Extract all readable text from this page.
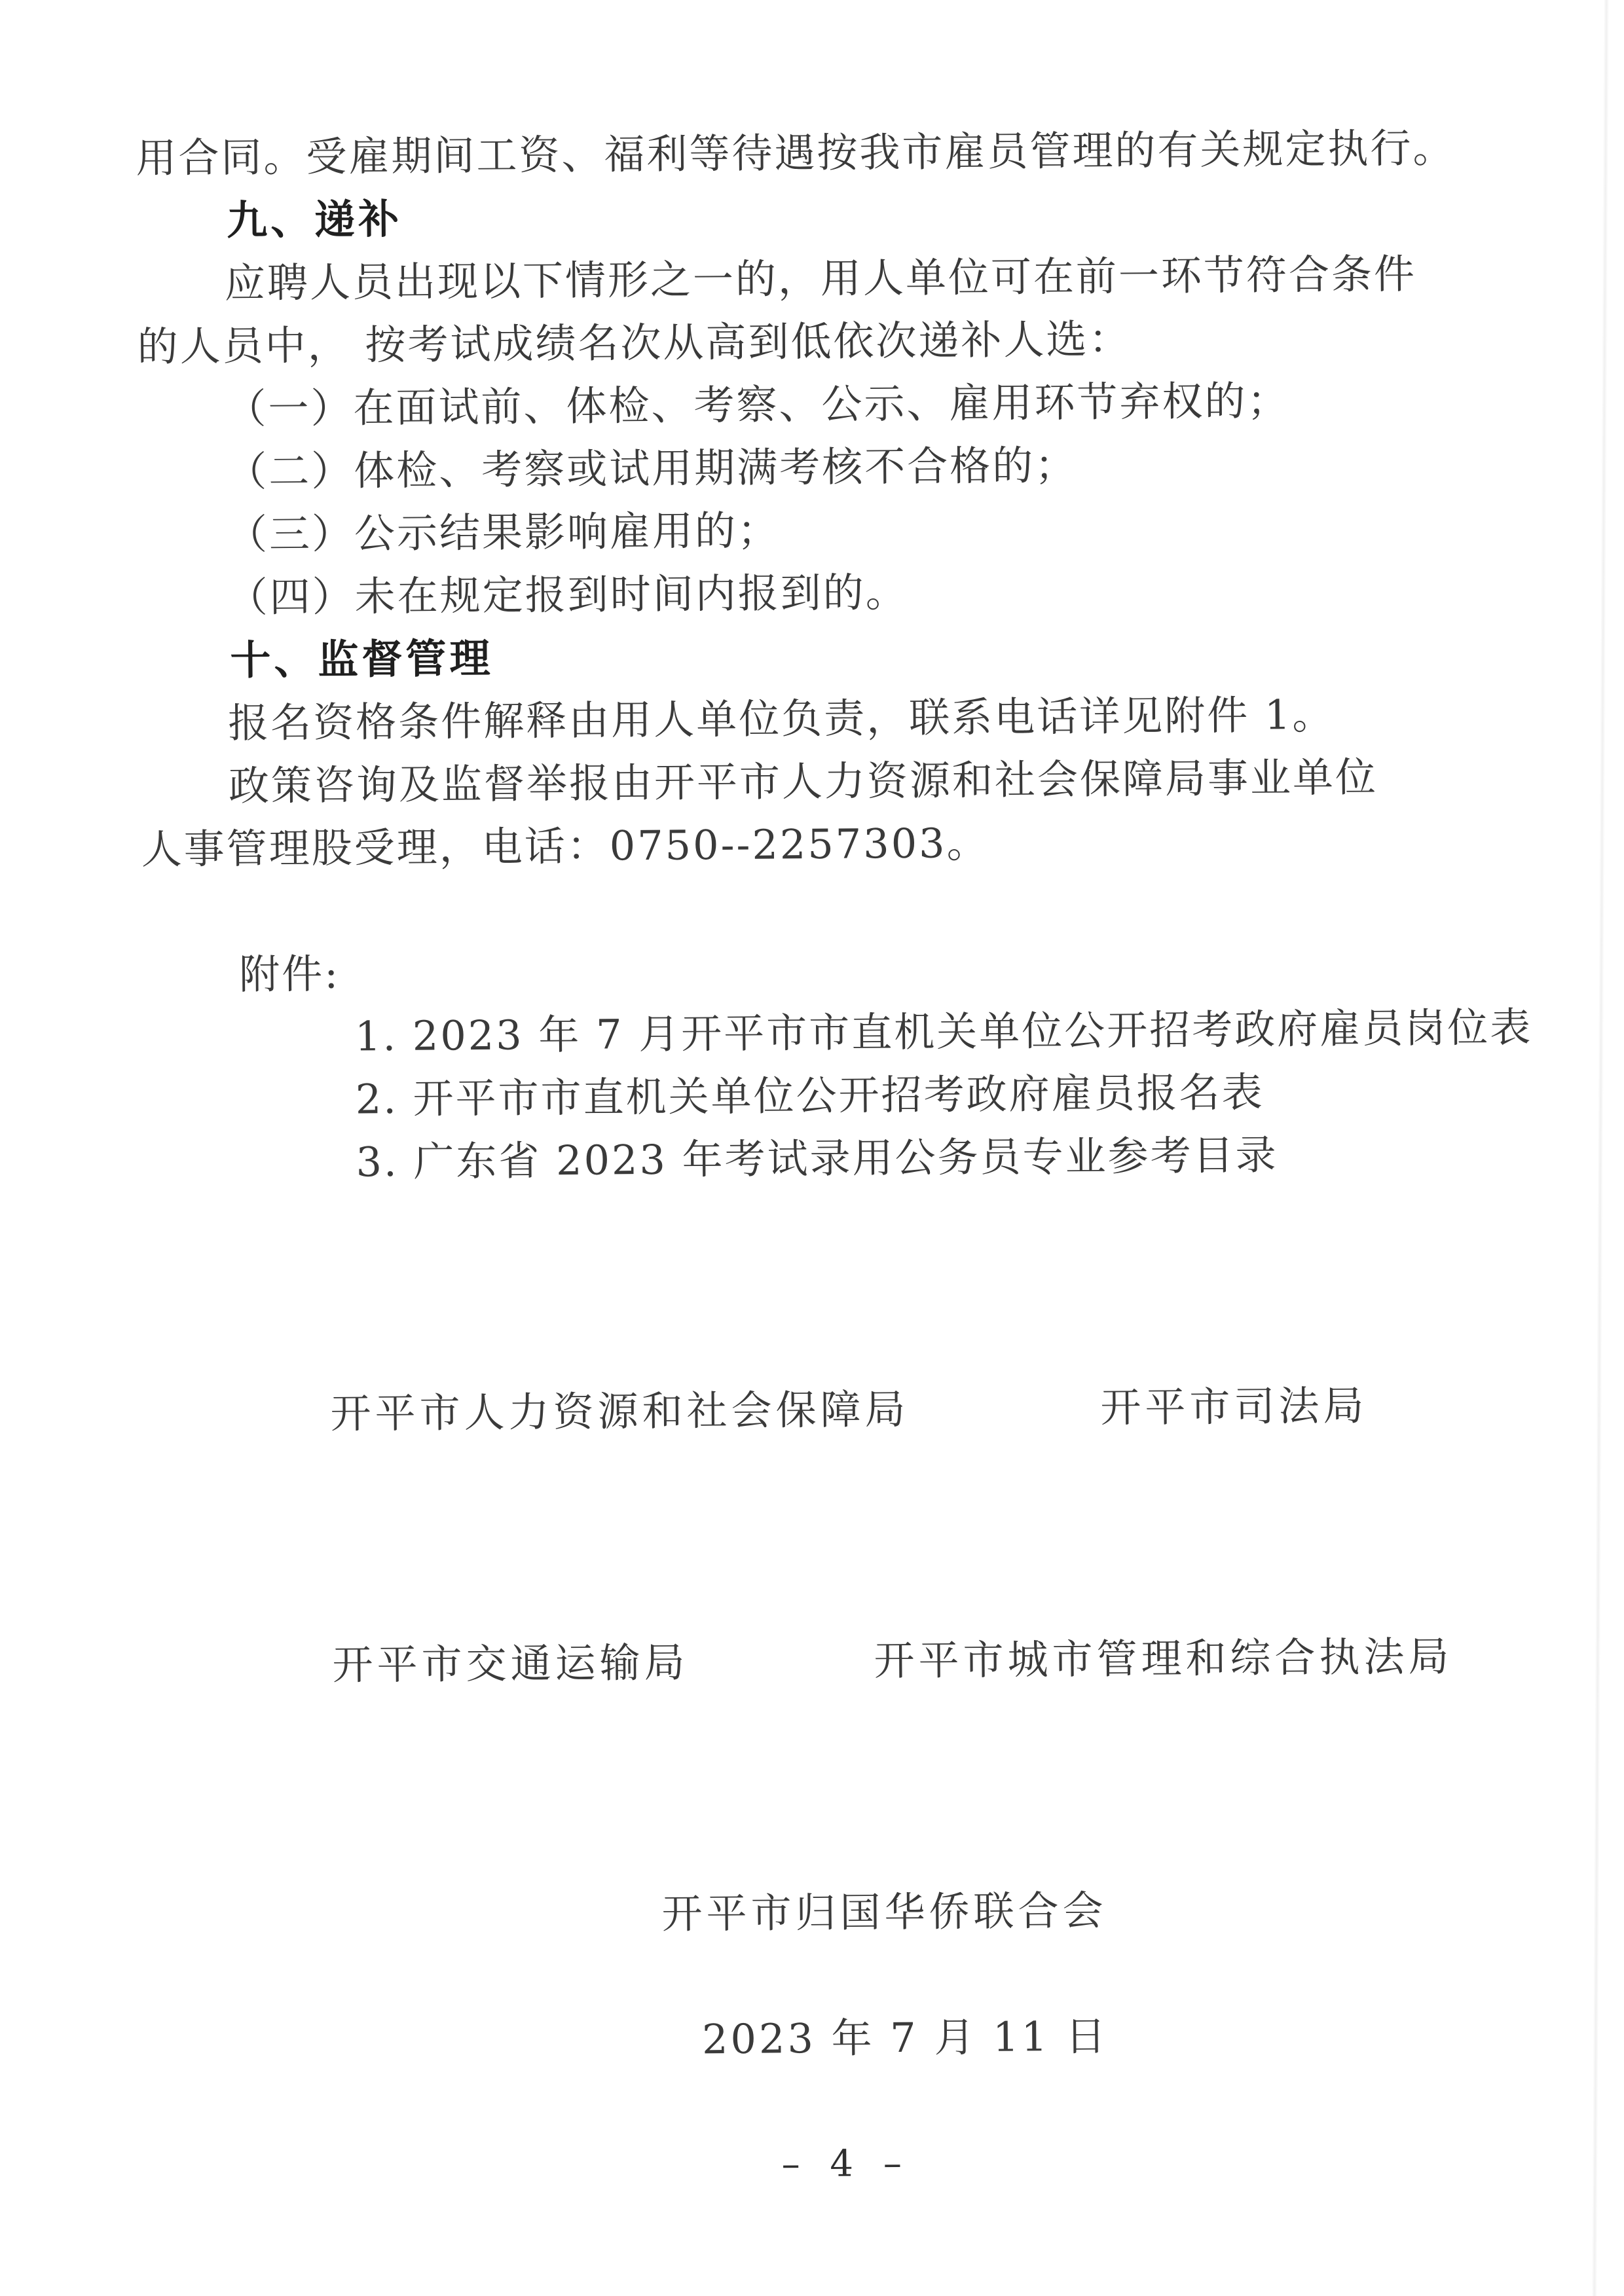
用合同。受雇期间工资、福利等待遇按我市雇员管理的有关规定执行。

九、递补

应聘人员出现以下情形之一的，用人单位可在前一环节符合条件

的人员中， 按考试成绩名次从高到低依次递补人选：

（一）在面试前、体检、考察、公示、雇用环节弃权的；

（二）体检、考察或试用期满考核不合格的；

（三）公示结果影响雇用的；

（四）未在规定报到时间内报到的。

十、监督管理

报名资格条件解释由用人单位负责，联系电话详见附件 1。

政策咨询及监督举报由开平市人力资源和社会保障局事业单位

人事管理股受理，电话：0750--2257303。

附件:

1. 2023 年 7 月开平市市直机关单位公开招考政府雇员岗位表

2. 开平市市直机关单位公开招考政府雇员报名表

3. 广东省 2023 年考试录用公务员专业参考目录

开平市人力资源和社会保障局	开平市司法局
开平市交通运输局	开平市城市管理和综合执法局
开平市归国华侨联合会

2023 年 7 月 11 日

– 4 –
